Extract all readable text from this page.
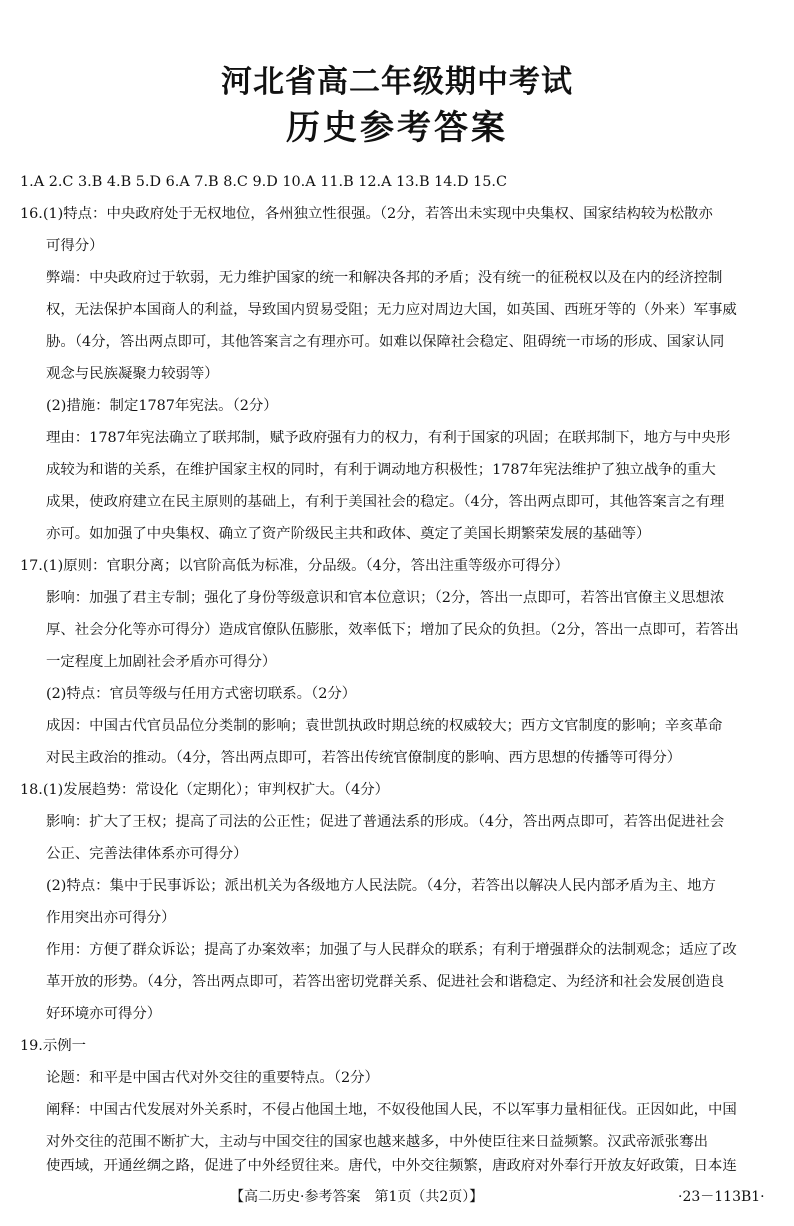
河北省高二年级期中考试
历史参考答案
1.A 2.C 3.B 4.B 5.D 6.A 7.B 8.C 9.D 10.A 11.B 12.A 13.B 14.D 15.C
16.(1)特点：中央政府处于无权地位，各州独立性很强。（2分，若答出未实现中央集权、国家结构较为松散亦
可得分）
弊端：中央政府过于软弱，无力维护国家的统一和解决各邦的矛盾；没有统一的征税权以及在内的经济控制
权，无法保护本国商人的利益，导致国内贸易受阻；无力应对周边大国，如英国、西班牙等的（外来）军事威
胁。（4分，答出两点即可，其他答案言之有理亦可。如难以保障社会稳定、阻碍统一市场的形成、国家认同
观念与民族凝聚力较弱等）
(2)措施：制定1787年宪法。（2分）
理由：1787年宪法确立了联邦制，赋予政府强有力的权力，有利于国家的巩固；在联邦制下，地方与中央形
成较为和谐的关系，在维护国家主权的同时，有利于调动地方积极性；1787年宪法维护了独立战争的重大
成果，使政府建立在民主原则的基础上，有利于美国社会的稳定。（4分，答出两点即可，其他答案言之有理
亦可。如加强了中央集权、确立了资产阶级民主共和政体、奠定了美国长期繁荣发展的基础等）
17.(1)原则：官职分离；以官阶高低为标准，分品级。（4分，答出注重等级亦可得分）
影响：加强了君主专制；强化了身份等级意识和官本位意识；（2分，答出一点即可，若答出官僚主义思想浓
厚、社会分化等亦可得分）造成官僚队伍膨胀，效率低下；增加了民众的负担。（2分，答出一点即可，若答出
一定程度上加剧社会矛盾亦可得分）
(2)特点：官员等级与任用方式密切联系。（2分）
成因：中国古代官员品位分类制的影响；袁世凯执政时期总统的权威较大；西方文官制度的影响；辛亥革命
对民主政治的推动。（4分，答出两点即可，若答出传统官僚制度的影响、西方思想的传播等可得分）
18.(1)发展趋势：常设化（定期化）；审判权扩大。（4分）
影响：扩大了王权；提高了司法的公正性；促进了普通法系的形成。（4分，答出两点即可，若答出促进社会
公正、完善法律体系亦可得分）
(2)特点：集中于民事诉讼；派出机关为各级地方人民法院。（4分，若答出以解决人民内部矛盾为主、地方
作用突出亦可得分）
作用：方便了群众诉讼；提高了办案效率；加强了与人民群众的联系；有利于增强群众的法制观念；适应了改
革开放的形势。（4分，答出两点即可，若答出密切党群关系、促进社会和谐稳定、为经济和社会发展创造良
好环境亦可得分）
19.示例一
论题：和平是中国古代对外交往的重要特点。（2分）
阐释：中国古代发展对外关系时，不侵占他国土地，不奴役他国人民，不以军事力量相征伐。正因如此，中国
对外交往的范围不断扩大，主动与中国交往的国家也越来越多，中外使臣往来日益频繁。汉武帝派张骞出
使西域，开通丝绸之路，促进了中外经贸往来。唐代，中外交往频繁，唐政府对外奉行开放友好政策，日本连
【高二历史·参考答案　第1页（共2页）】	·23－113B1·
